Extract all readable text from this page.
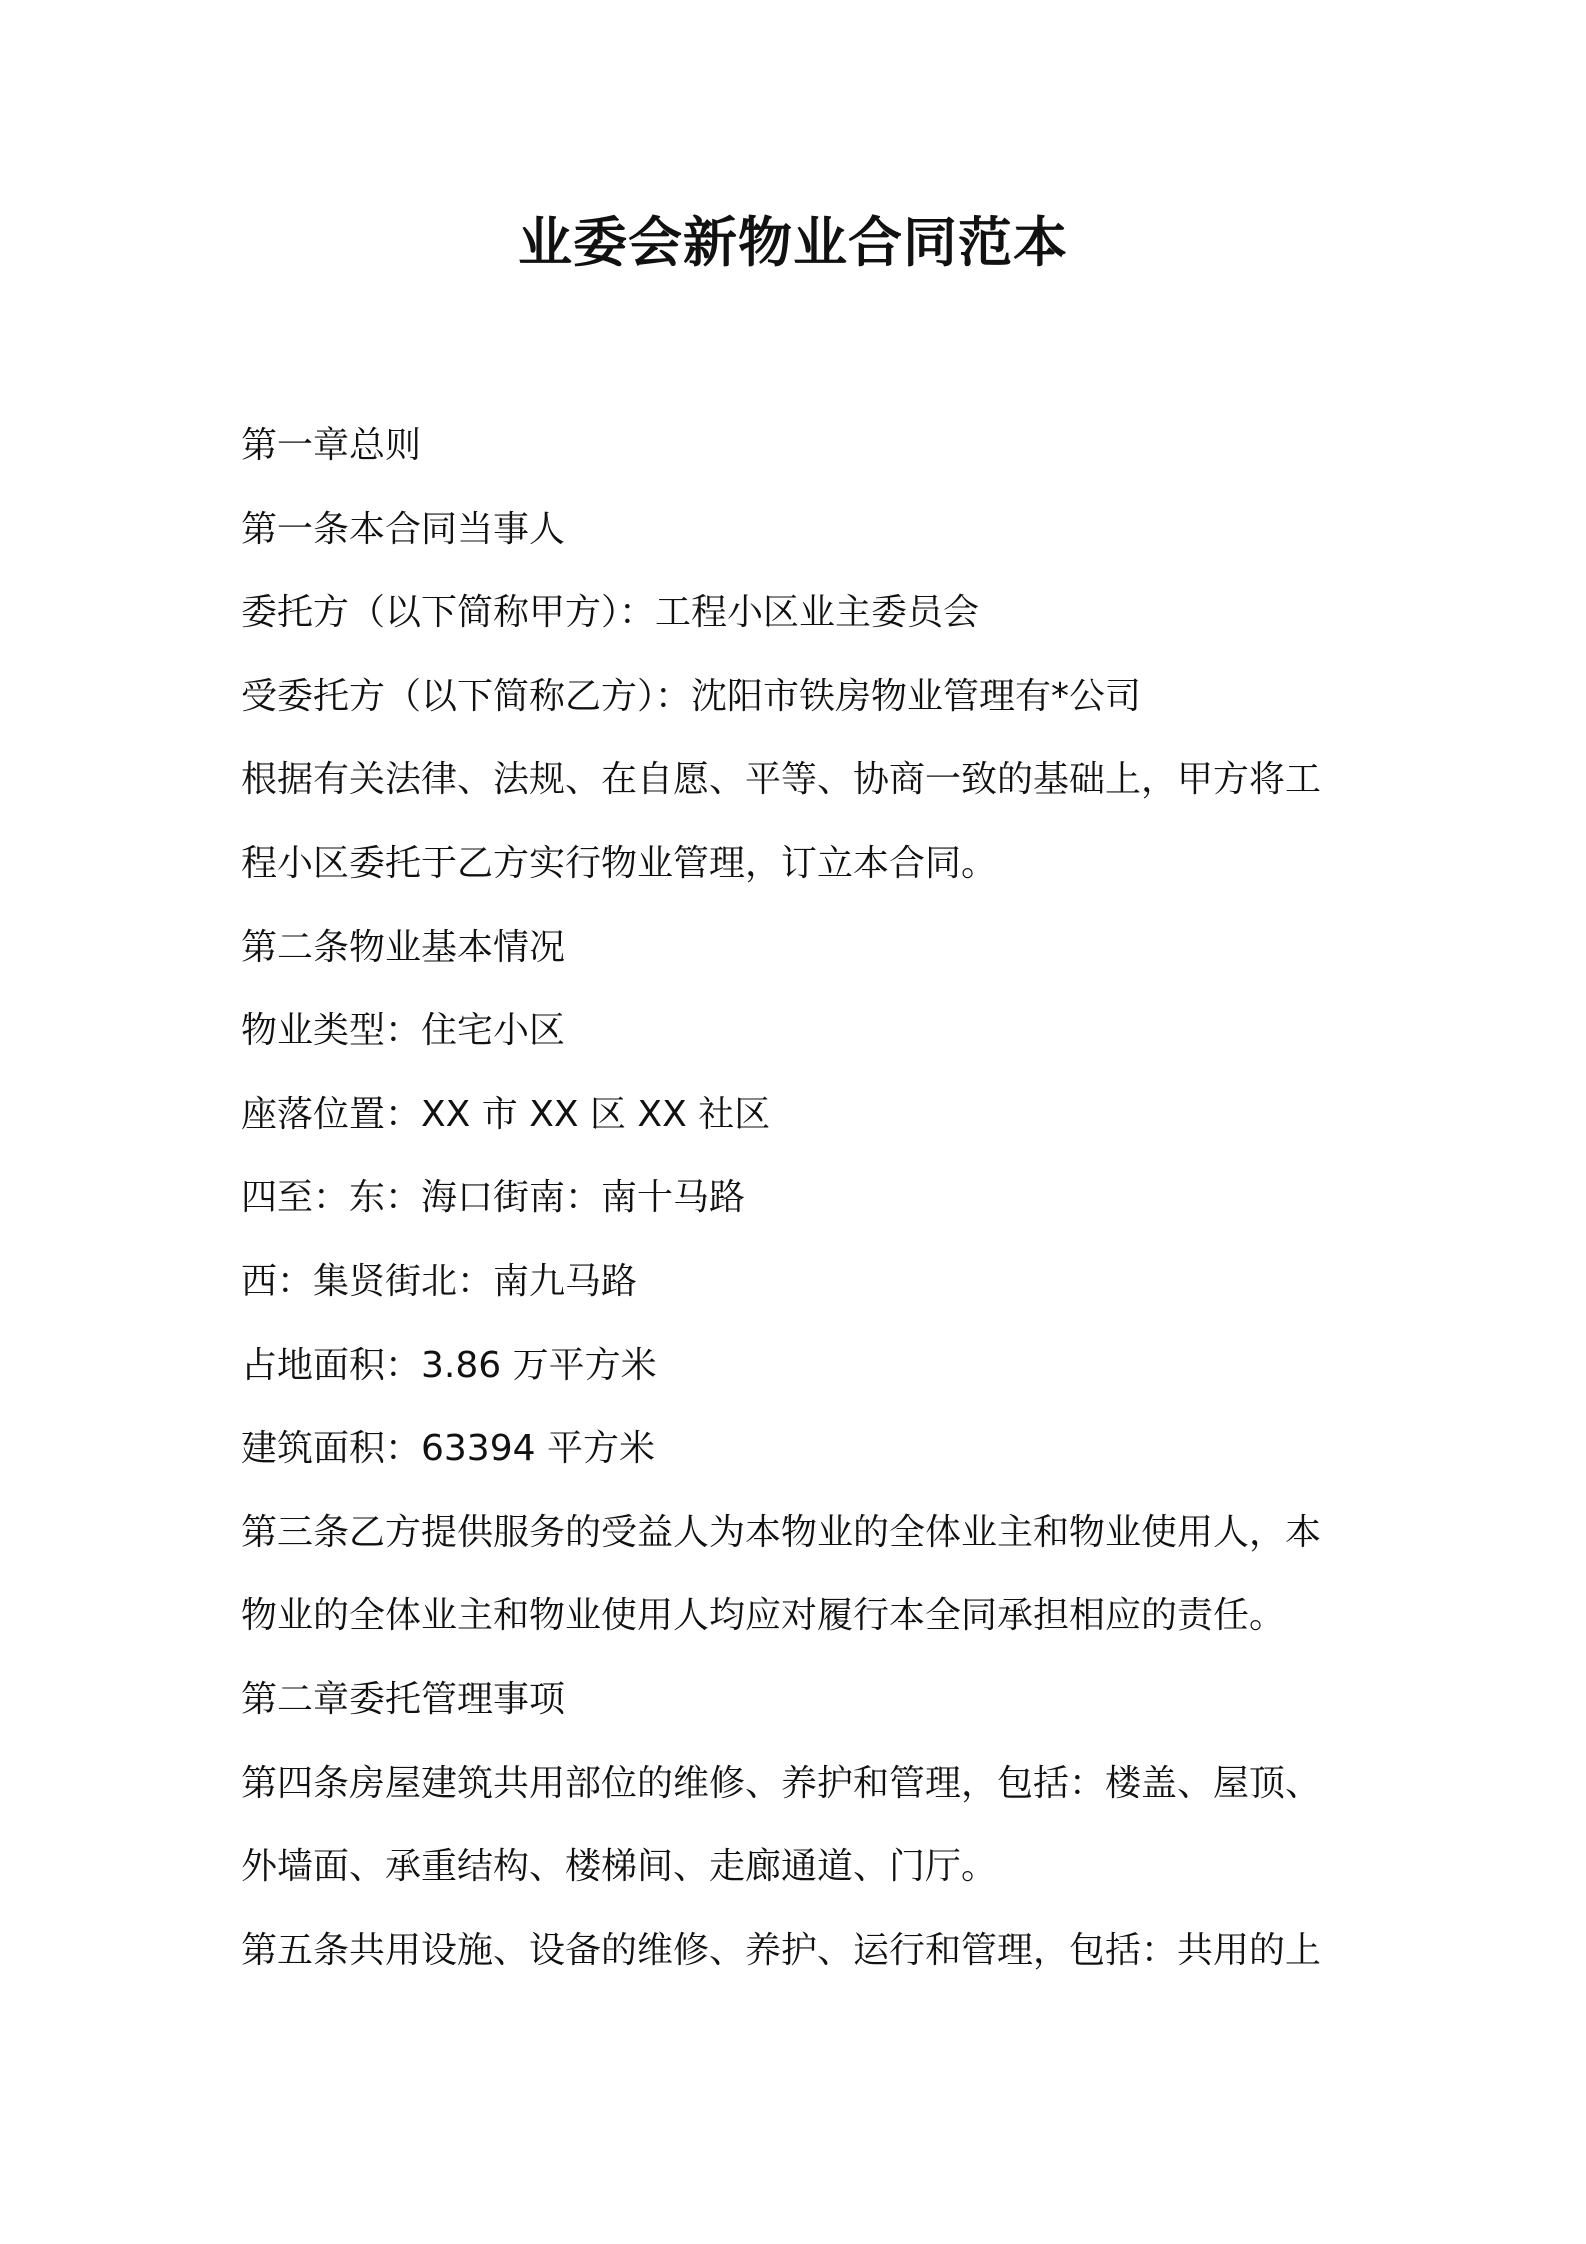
业委会新物业合同范本

第一章总则

第一条本合同当事人

委托方（以下简称甲方）：工程小区业主委员会

受委托方（以下简称乙方）：沈阳市铁房物业管理有*公司

根据有关法律、法规、在自愿、平等、协商一致的基础上，甲方将工

程小区委托于乙方实行物业管理，订立本合同。

第二条物业基本情况

物业类型：住宅小区

座落位置：XX 市 XX 区 XX 社区

四至：东：海口街南：南十马路

西：集贤街北：南九马路

占地面积：3.86 万平方米

建筑面积：63394 平方米

第三条乙方提供服务的受益人为本物业的全体业主和物业使用人，本

物业的全体业主和物业使用人均应对履行本全同承担相应的责任。

第二章委托管理事项

第四条房屋建筑共用部位的维修、养护和管理，包括：楼盖、屋顶、

外墙面、承重结构、楼梯间、走廊通道、门厅。

第五条共用设施、设备的维修、养护、运行和管理，包括：共用的上
